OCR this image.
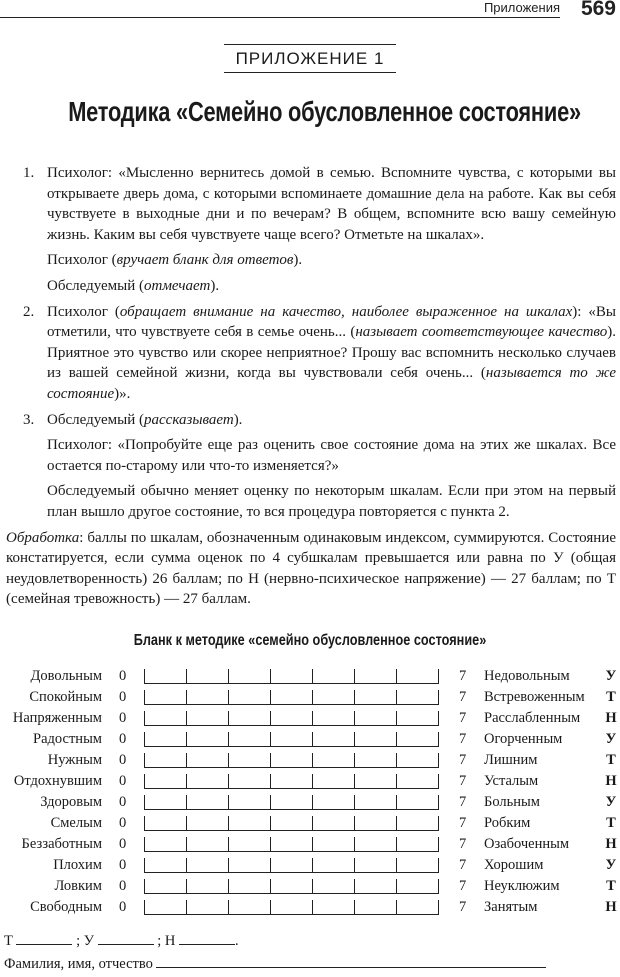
Приложения 569
ПРИЛОЖЕНИЕ 1
Методика «Семейно обусловленное состояние»
1. Психолог: «Мысленно вернитесь домой в семью. Вспомните чувства, с которыми вы открываете дверь дома, с которыми вспоминаете домашние дела на работе. Как вы себя чувствуете в выходные дни и по вечерам? В общем, вспомните всю вашу семейную жизнь. Каким вы себя чувствуете чаще всего? Отметьте на шкалах».

Психолог (вручает бланк для ответов).

Обследуемый (отмечает).

2. Психолог (обращает внимание на качество, наиболее выраженное на шкалах): «Вы отметили, что чувствуете себя в семье очень... (называет соответствующее качество). Приятное это чувство или скорее неприятное? Прошу вас вспомнить несколько случаев из вашей семейной жизни, когда вы чувствовали себя очень... (называется то же состояние)».

3. Обследуемый (рассказывает).

Психолог: «Попробуйте еще раз оценить свое состояние дома на этих же шкалах. Все остается по-старому или что-то изменяется?»

Обследуемый обычно меняет оценку по некоторым шкалам. Если при этом на первый план вышло другое состояние, то вся процедура повторяется с пункта 2.

Обработка: баллы по шкалам, обозначенным одинаковым индексом, суммируются. Состояние констатируется, если сумма оценок по 4 субшкалам превышается или равна по У (общая неудовлетворенность) 26 баллам; по Н (нервно-психическое напряжение) — 27 баллам; по Т (семейная тревожность) — 27 баллам.

Бланк к методике «семейно обусловленное состояние»
Довольным 0	7 Недовольным У
Спокойным 0	7 Встревоженным Т
Напряженным 0	7 Расслабленным Н
Радостным 0	7 Огорченным	У
Нужным 0	7 Лишним	Т
Отдохнувшим 0	7 Усталым	Н
Здоровым 0	7 Больным	У
Смелым 0	7 Робким	Т
Беззаботным 0	7 Озабоченным	Н
Плохим 0	7 Хорошим	У
Ловким 0	7 Неуклюжим	Т
Свободным 0	7 Занятым	Н
Т	; У	; Н	.
Фамилия, имя, отчество
